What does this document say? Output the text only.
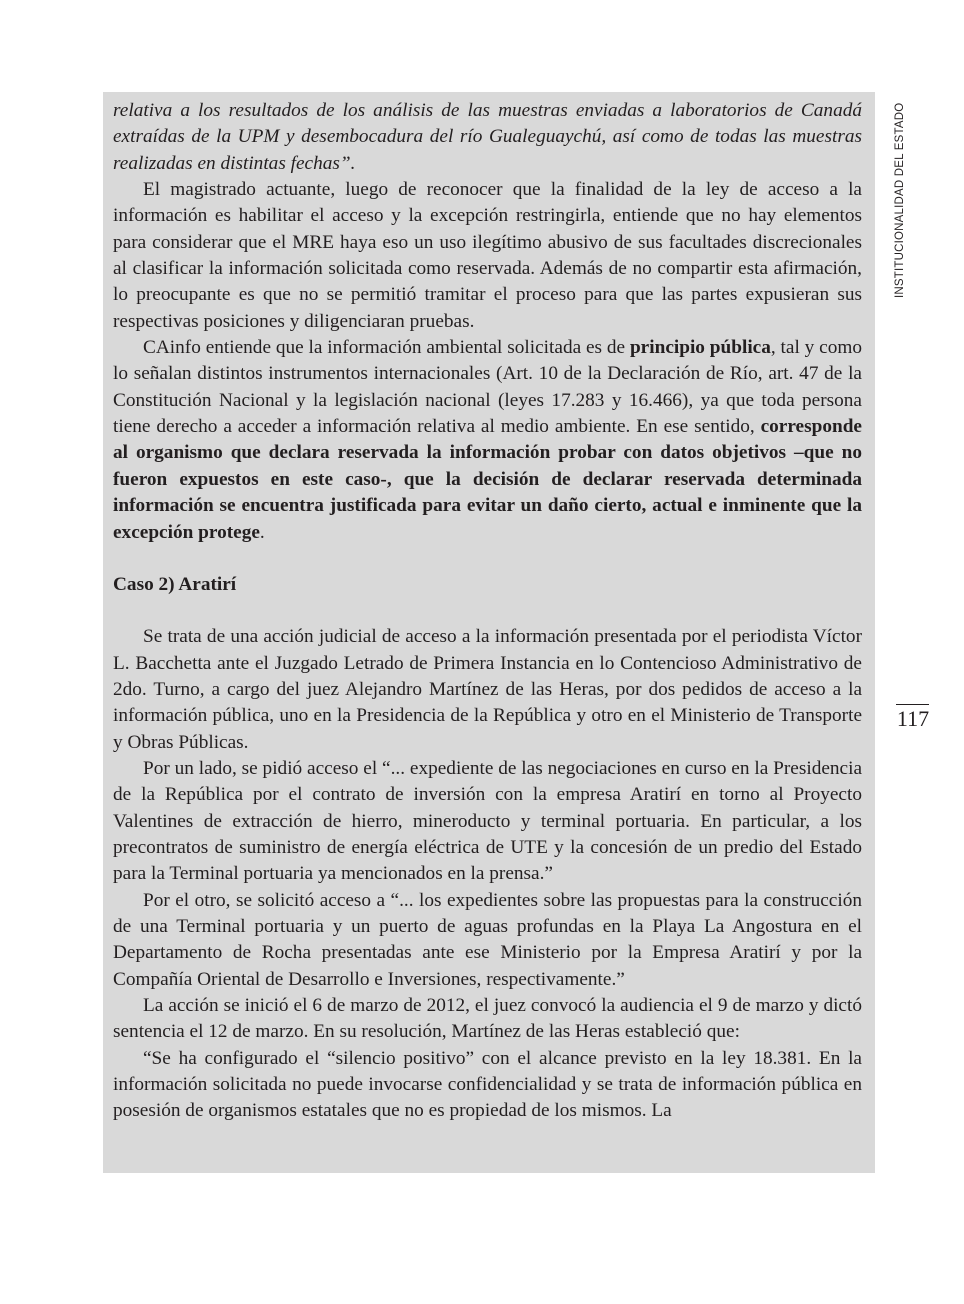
relativa a los resultados de los análisis de las muestras enviadas a laboratorios de Canadá extraídas de la UPM y desembocadura del río Gualeguaychú, así como de todas las muestras realizadas en distintas fechas”.

El magistrado actuante, luego de reconocer que la finalidad de la ley de acceso a la información es habilitar el acceso y la excepción restringirla, entiende que no hay elementos para considerar que el MRE haya eso un uso ilegítimo abusivo de sus facultades discrecionales al clasificar la información solicitada como reservada. Además de no compartir esta afirmación, lo preocupante es que no se permitió tramitar el proceso para que las partes expusieran sus respectivas posiciones y diligenciaran pruebas.

CAinfo entiende que la información ambiental solicitada es de principio pública, tal y como lo señalan distintos instrumentos internacionales (Art. 10 de la Declaración de Río, art. 47 de la Constitución Nacional y la legislación nacional (leyes 17.283 y 16.466), ya que toda persona tiene derecho a acceder a información relativa al medio ambiente. En ese sentido, corresponde al organismo que declara reservada la información probar con datos objetivos –que no fueron expuestos en este caso-, que la decisión de declarar reservada determinada información se encuentra justificada para evitar un daño cierto, actual e inminente que la excepción protege.

Caso 2) Aratirí

Se trata de una acción judicial de acceso a la información presentada por el periodista Víctor L. Bacchetta ante el Juzgado Letrado de Primera Instancia en lo Contencioso Administrativo de 2do. Turno, a cargo del juez Alejandro Martínez de las Heras, por dos pedidos de acceso a la información pública, uno en la Presidencia de la República y otro en el Ministerio de Transporte y Obras Públicas.

Por un lado, se pidió acceso el “... expediente de las negociaciones en curso en la Presidencia de la República por el contrato de inversión con la empresa Aratirí en torno al Proyecto Valentines de extracción de hierro, mineroducto y terminal portuaria. En particular, a los precontratos de suministro de energía eléctrica de UTE y la concesión de un predio del Estado para la Terminal portuaria ya mencionados en la prensa.”

Por el otro, se solicitó acceso a “... los expedientes sobre las propuestas para la construcción de una Terminal portuaria y un puerto de aguas profundas en la Playa La Angostura en el Departamento de Rocha presentadas ante ese Ministerio por la Empresa Aratirí y por la Compañía Oriental de Desarrollo e Inversiones, respectivamente.”

La acción se inició el 6 de marzo de 2012, el juez convocó la audiencia el 9 de marzo y dictó sentencia el 12 de marzo. En su resolución, Martínez de las Heras estableció que:

“Se ha configurado el “silencio positivo” con el alcance previsto en la ley 18.381. En la información solicitada no puede invocarse confidencialidad y se trata de información pública en posesión de organismos estatales que no es propiedad de los mismos. La

INSTITUCIONALIDAD DEL ESTADO
117
